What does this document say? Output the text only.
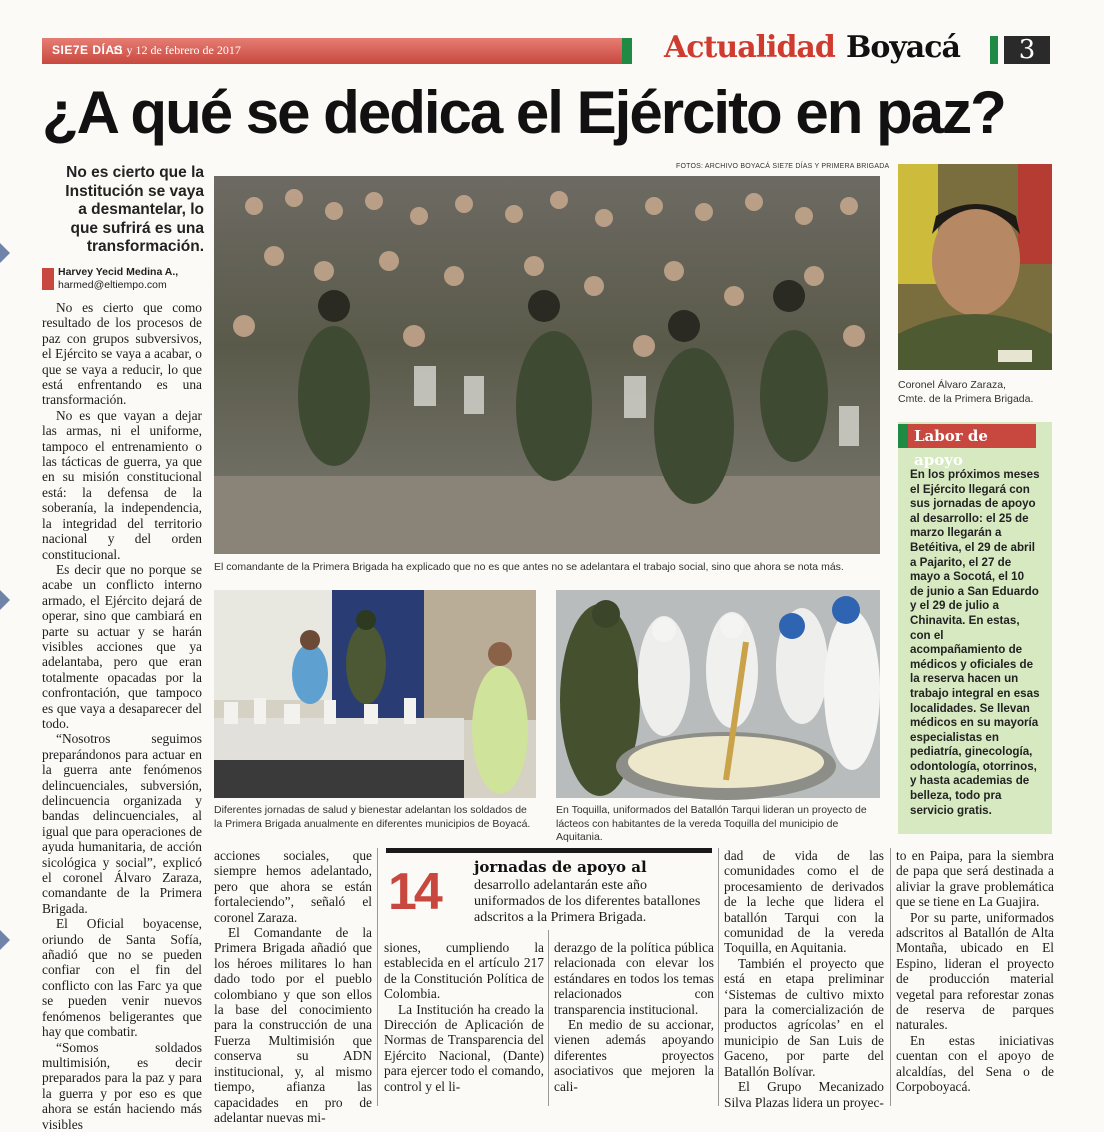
SIE7E DÍAS
11 y 12 de febrero de 2017	Actualidad Boyacá	3
¿A qué se dedica el Ejército en paz?
No es cierto que la Institución se vaya a desmantelar, lo que sufrirá es una transformación.
Harvey Yecid Medina A.,
harmed@eltiempo.com

No es cierto que como resultado de los procesos de paz con grupos subversivos, el Ejército se vaya a acabar, o que se vaya a reducir, lo que está enfrentando es una transformación.

No es que vayan a dejar las armas, ni el uniforme, tampoco el entrenamiento o las tácticas de guerra, ya que en su misión constitucional está: la defensa de la soberanía, la independencia, la integridad del territorio nacional y del orden constitucional.

Es decir que no porque se acabe un conflicto interno armado, el Ejército dejará de operar, sino que cambiará en parte su actuar y se harán visibles acciones que ya adelantaba, pero que eran totalmente opacadas por la confrontación, que tampoco es que vaya a desaparecer del todo.

“Nosotros seguimos preparándonos para actuar en la guerra ante fenómenos delincuenciales, subversión, delincuencia organizada y bandas delincuenciales, al igual que para operaciones de ayuda humanitaria, de acción sicológica y social”, explicó el coronel Álvaro Zaraza, comandante de la Primera Brigada.

El Oficial boyacense, oriundo de Santa Sofía, añadió que no se pueden confiar con el fin del conflicto con las Farc ya que se pueden venir nuevos fenómenos beligerantes que hay que combatir.

“Somos soldados multimisión, es decir preparados para la paz y para la guerra y por eso es que ahora se están haciendo más visibles

FOTOS: ARCHIVO BOYACÁ SIE7E DÍAS Y PRIMERA BRIGADA
El comandante de la Primera Brigada ha explicado que no es que antes no se adelantara el trabajo social, sino que ahora se nota más.
Coronel Álvaro Zaraza,
Cmte. de la Primera Brigada.
Diferentes jornadas de salud y bienestar adelantan los soldados de la Primera Brigada anualmente en diferentes municipios de Boyacá.
En Toquilla, uniformados del Batallón Tarqui lideran un proyecto de lácteos con habitantes de la vereda Toquilla del municipio de Aquitania.
Labor de apoyo
En los próximos meses el Ejército llegará con sus jornadas de apoyo al desarrollo: el 25 de marzo llegarán a Betéitiva, el 29 de abril a Pajarito, el 27 de mayo a Socotá, el 10 de junio a San Eduardo y el 29 de julio a Chinavita. En estas, con el acompañamiento de médicos y oficiales de la reserva hacen un trabajo integral en esas localidades. Se llevan médicos en su mayoría especialistas en pediatría, ginecología, odontología, otorrinos, y hasta academias de belleza, todo pra servicio gratis.
14 jornadas de apoyo al
desarrollo adelantarán este año uniformados de los diferentes batallones adscritos a la Primera Brigada.

acciones sociales, que siempre hemos adelantado, pero que ahora se están fortaleciendo”, señaló el coronel Zaraza.

El Comandante de la Primera Brigada añadió que los héroes militares lo han dado todo por el pueblo colombiano y que son ellos la base del conocimiento para la construcción de una Fuerza Multimisión que conserva su ADN institucional, y, al mismo tiempo, afianza las capacidades en pro de adelantar nuevas mi-

siones, cumpliendo la establecida en el artículo 217 de la Constitución Política de Colombia.

La Institución ha creado la Dirección de Aplicación de Normas de Transparencia del Ejército Nacional, (Dante) para ejercer todo el comando, control y el li-

derazgo de la política pública relacionada con elevar los estándares en todos los temas relacionados con transparencia institucional.

En medio de su accionar, vienen además apoyando diferentes proyectos asociativos que mejoren la cali-

dad de vida de las comunidades como el de procesamiento de derivados de la leche que lidera el batallón Tarqui con la comunidad de la vereda Toquilla, en Aquitania.

También el proyecto que está en etapa preliminar ‘Sistemas de cultivo mixto para la comercialización de productos agrícolas’ en el municipio de San Luis de Gaceno, por parte del Batallón Bolívar.

El Grupo Mecanizado Silva Plazas lidera un proyec-

to en Paipa, para la siembra de papa que será destinada a aliviar la grave problemática que se tiene en La Guajira.

Por su parte, uniformados adscritos al Batallón de Alta Montaña, ubicado en El Espino, lideran el proyecto de producción material vegetal para reforestar zonas de reserva de parques naturales.

En estas iniciativas cuentan con el apoyo de alcaldías, del Sena o de Corpoboyacá.
